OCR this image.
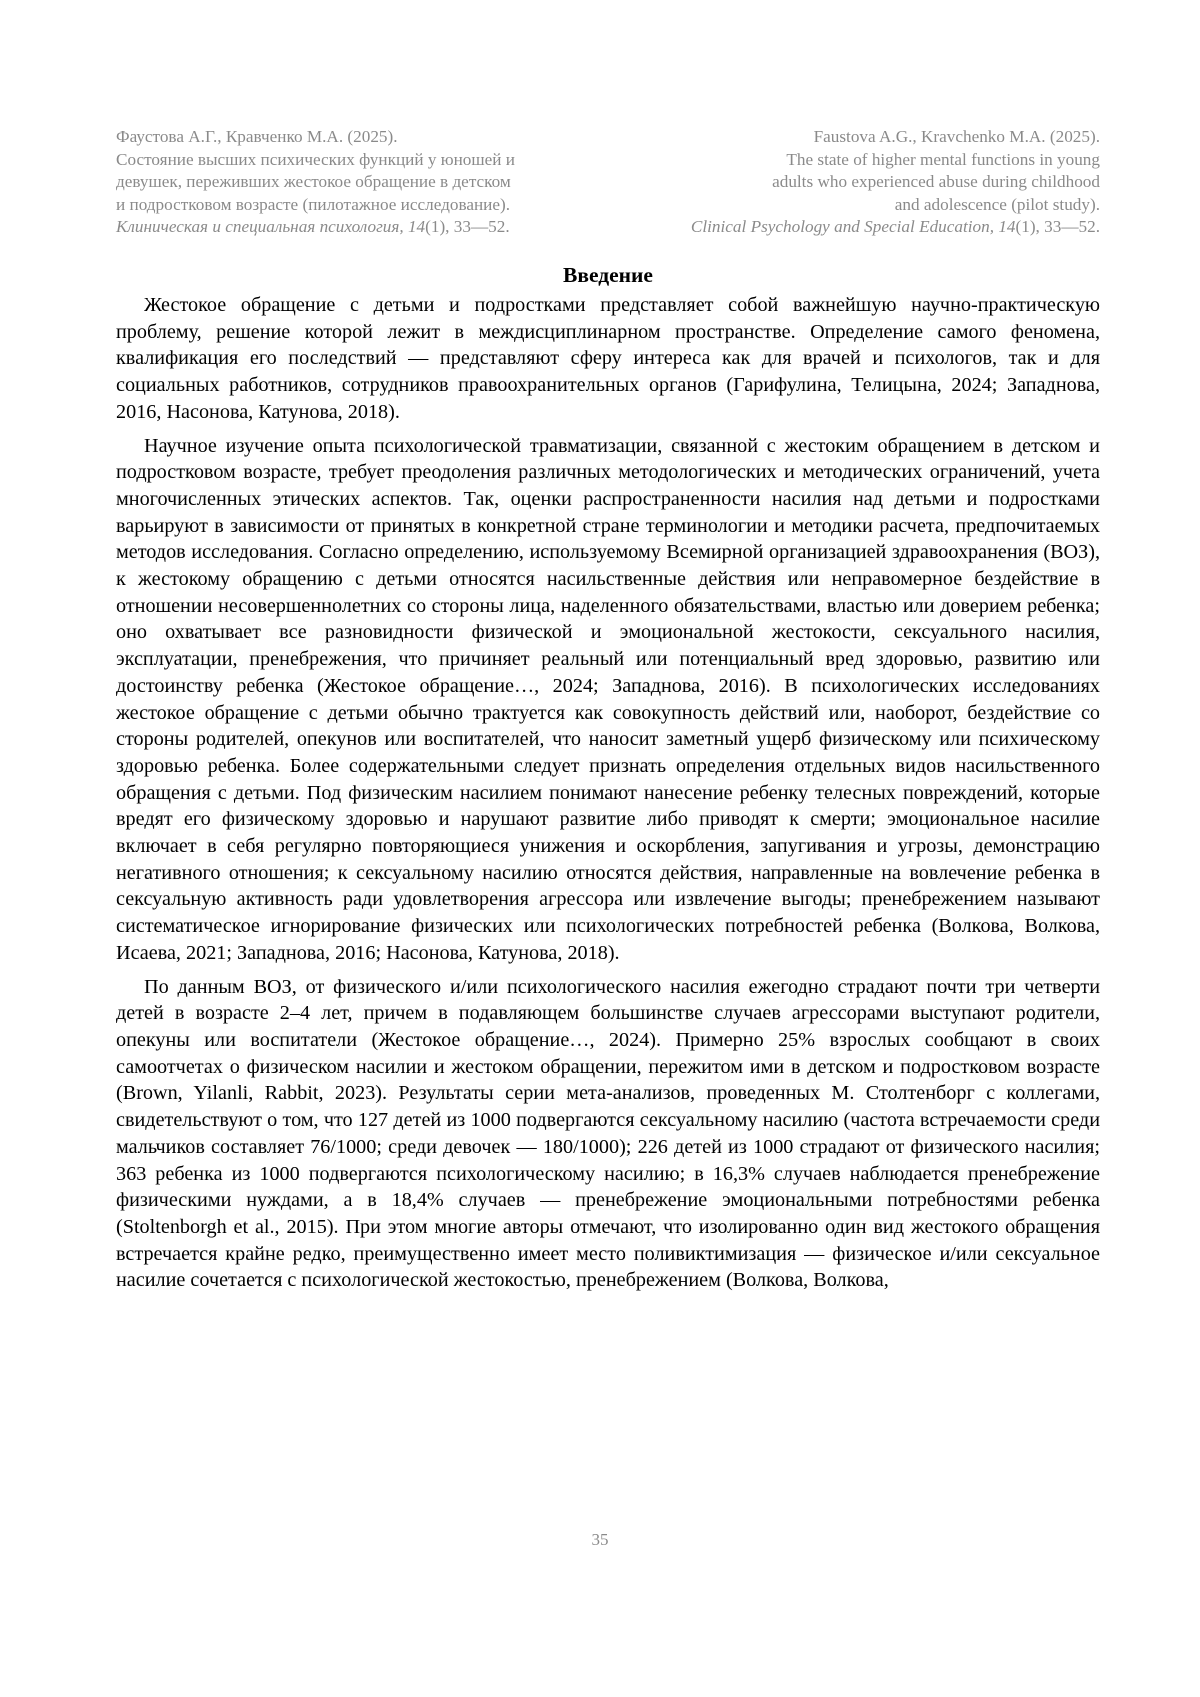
Фаустова А.Г., Кравченко М.А. (2025).
Состояние высших психических функций у юношей и
девушек, переживших жестокое обращение в детском
и подростковом возрасте (пилотажное исследование).
Клиническая и специальная психология, 14(1), 33—52.
Faustova A.G., Kravchenko M.A. (2025).
The state of higher mental functions in young
adults who experienced abuse during childhood
and adolescence (pilot study).
Clinical Psychology and Special Education, 14(1), 33—52.
Введение

Жестокое обращение с детьми и подростками представляет собой важнейшую научно-практическую проблему, решение которой лежит в междисциплинарном пространстве. Определение самого феномена, квалификация его последствий — представляют сферу интереса как для врачей и психологов, так и для социальных работников, сотрудников правоохранительных органов (Гарифулина, Телицына, 2024; Западнова, 2016, Насонова, Катунова, 2018).

Научное изучение опыта психологической травматизации, связанной с жестоким обращением в детском и подростковом возрасте, требует преодоления различных методологических и методических ограничений, учета многочисленных этических аспектов. Так, оценки распространенности насилия над детьми и подростками варьируют в зависимости от принятых в конкретной стране терминологии и методики расчета, предпочитаемых методов исследования. Согласно определению, используемому Всемирной организацией здравоохранения (ВОЗ), к жестокому обращению с детьми относятся насильственные действия или неправомерное бездействие в отношении несовершеннолетних со стороны лица, наделенного обязательствами, властью или доверием ребенка; оно охватывает все разновидности физической и эмоциональной жестокости, сексуального насилия, эксплуатации, пренебрежения, что причиняет реальный или потенциальный вред здоровью, развитию или достоинству ребенка (Жестокое обращение…, 2024; Западнова, 2016). В психологических исследованиях жестокое обращение с детьми обычно трактуется как совокупность действий или, наоборот, бездействие со стороны родителей, опекунов или воспитателей, что наносит заметный ущерб физическому или психическому здоровью ребенка. Более содержательными следует признать определения отдельных видов насильственного обращения с детьми. Под физическим насилием понимают нанесение ребенку телесных повреждений, которые вредят его физическому здоровью и нарушают развитие либо приводят к смерти; эмоциональное насилие включает в себя регулярно повторяющиеся унижения и оскорбления, запугивания и угрозы, демонстрацию негативного отношения; к сексуальному насилию относятся действия, направленные на вовлечение ребенка в сексуальную активность ради удовлетворения агрессора или извлечение выгоды; пренебрежением называют систематическое игнорирование физических или психологических потребностей ребенка (Волкова, Волкова, Исаева, 2021; Западнова, 2016; Насонова, Катунова, 2018).

По данным ВОЗ, от физического и/или психологического насилия ежегодно страдают почти три четверти детей в возрасте 2–4 лет, причем в подавляющем большинстве случаев агрессорами выступают родители, опекуны или воспитатели (Жестокое обращение…, 2024). Примерно 25% взрослых сообщают в своих самоотчетах о физическом насилии и жестоком обращении, пережитом ими в детском и подростковом возрасте (Brown, Yilanli, Rabbit, 2023). Результаты серии мета-анализов, проведенных М. Столтенборг с коллегами, свидетельствуют о том, что 127 детей из 1000 подвергаются сексуальному насилию (частота встречаемости среди мальчиков составляет 76/1000; среди девочек — 180/1000); 226 детей из 1000 страдают от физического насилия; 363 ребенка из 1000 подвергаются психологическому насилию; в 16,3% случаев наблюдается пренебрежение физическими нуждами, а в 18,4% случаев — пренебрежение эмоциональными потребностями ребенка (Stoltenborgh et al., 2015). При этом многие авторы отмечают, что изолированно один вид жестокого обращения встречается крайне редко, преимущественно имеет место поливиктимизация — физическое и/или сексуальное насилие сочетается с психологической жестокостью, пренебрежением (Волкова, Волкова,

35
